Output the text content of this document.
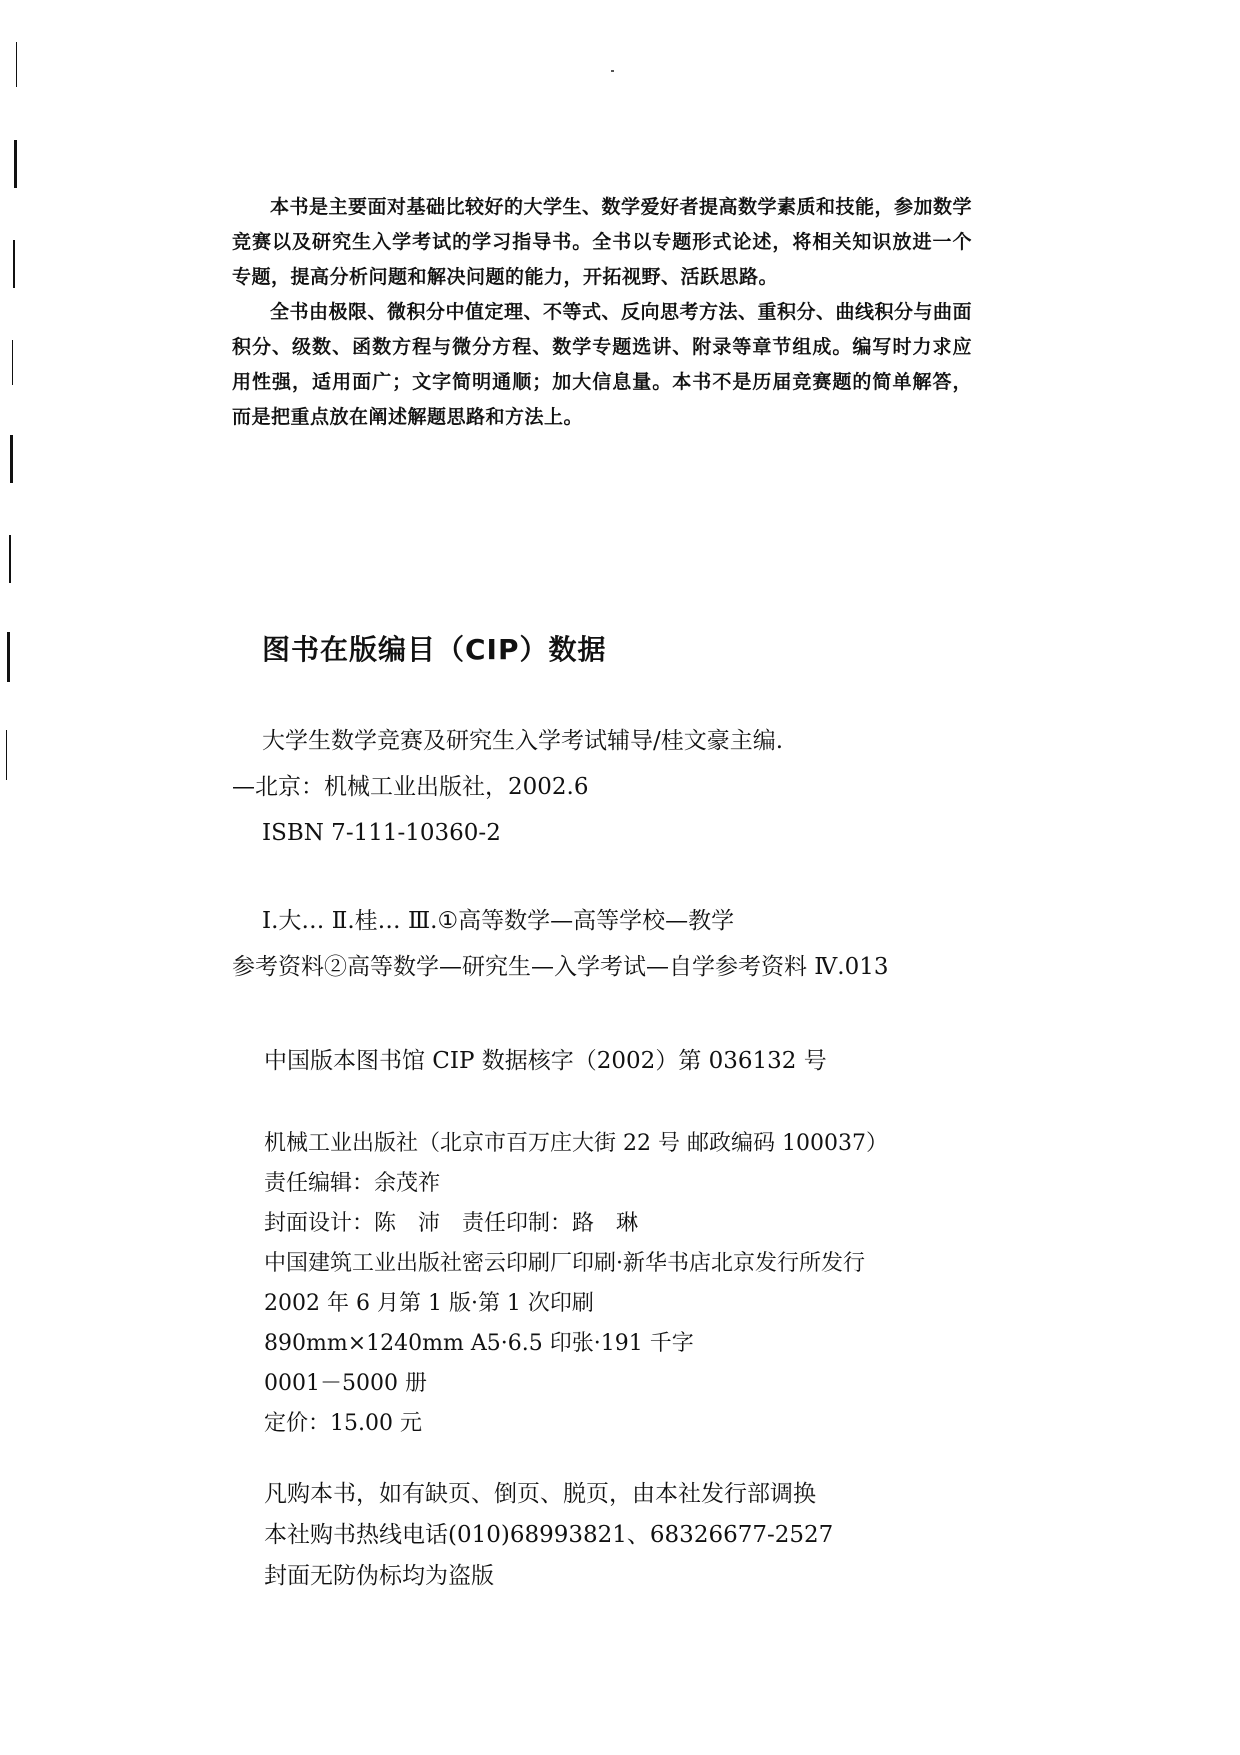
本书是主要面对基础比较好的大学生、数学爱好者提高数学素质和技能，参加数学竞赛以及研究生入学考试的学习指导书。全书以专题形式论述，将相关知识放进一个专题，提高分析问题和解决问题的能力，开拓视野、活跃思路。

全书由极限、微积分中值定理、不等式、反向思考方法、重积分、曲线积分与曲面积分、级数、函数方程与微分方程、数学专题选讲、附录等章节组成。编写时力求应用性强，适用面广；文字简明通顺；加大信息量。本书不是历届竞赛题的简单解答，而是把重点放在阐述解题思路和方法上。

图书在版编目（CIP）数据
大学生数学竞赛及研究生入学考试辅导/桂文豪主编.
—北京：机械工业出版社，2002.6
ISBN 7-111-10360-2
Ⅰ.大… Ⅱ.桂… Ⅲ.①高等数学—高等学校—教学
参考资料②高等数学—研究生—入学考试—自学参考资料 Ⅳ.013
中国版本图书馆 CIP 数据核字（2002）第 036132 号
机械工业出版社（北京市百万庄大街 22 号 邮政编码 100037）
责任编辑：余茂祚
封面设计：陈　沛　责任印制：路　琳
中国建筑工业出版社密云印刷厂印刷·新华书店北京发行所发行
2002 年 6 月第 1 版·第 1 次印刷
890mm×1240mm A5·6.5 印张·191 千字
0001－5000 册
定价：15.00 元
凡购本书，如有缺页、倒页、脱页，由本社发行部调换
本社购书热线电话(010)68993821、68326677-2527
封面无防伪标均为盗版
